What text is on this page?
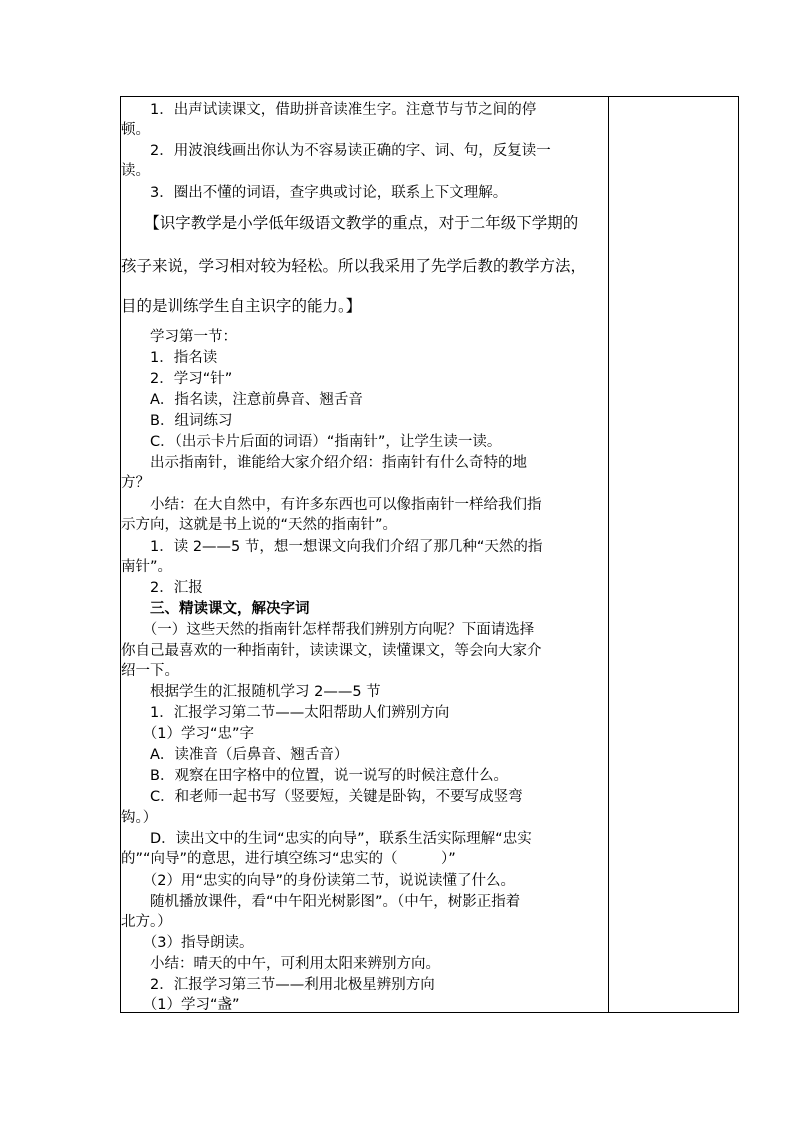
　　1．出声试读课文，借助拼音读准生字。注意节与节之间的停
顿。
　　2．用波浪线画出你认为不容易读正确的字、词、句，反复读一
读。
　　3．圈出不懂的词语，查字典或讨论，联系上下文理解。
　　【识字教学是小学低年级语文教学的重点，对于二年级下学期的
孩子来说，学习相对较为轻松。所以我采用了先学后教的教学方法，
目的是训练学生自主识字的能力。】
　　学习第一节：
　　1．指名读
　　2．学习“针”
　　A．指名读，注意前鼻音、翘舌音
　　B．组词练习
　　C．（出示卡片后面的词语）“指南针”，让学生读一读。
　　出示指南针，谁能给大家介绍介绍：指南针有什么奇特的地
方？
　　小结：在大自然中，有许多东西也可以像指南针一样给我们指
示方向，这就是书上说的“天然的指南针”。
　　1．读 2——5 节，想一想课文向我们介绍了那几种“天然的指
南针”。
　　2．汇报
　　三、精读课文，解决字词
　　（一）这些天然的指南针怎样帮我们辨别方向呢？下面请选择
你自己最喜欢的一种指南针，读读课文，读懂课文，等会向大家介
绍一下。
　　根据学生的汇报随机学习 2——5 节
　　1．汇报学习第二节——太阳帮助人们辨别方向
　　（1）学习“忠”字
　　A．读准音（后鼻音、翘舌音）
　　B．观察在田字格中的位置，说一说写的时候注意什么。
　　C．和老师一起书写（竖要短，关键是卧钩，不要写成竖弯
钩。）
　　D．读出文中的生词“忠实的向导”，联系生活实际理解“忠实
的”“向导”的意思，进行填空练习“忠实的（　　　）”
　　（2）用“忠实的向导”的身份读第二节，说说读懂了什么。
　　随机播放课件，看“中午阳光树影图”。（中午，树影正指着
北方。）
　　（3）指导朗读。
　　小结：晴天的中午，可利用太阳来辨别方向。
　　2．汇报学习第三节——利用北极星辨别方向
　　（1）学习“盏”
